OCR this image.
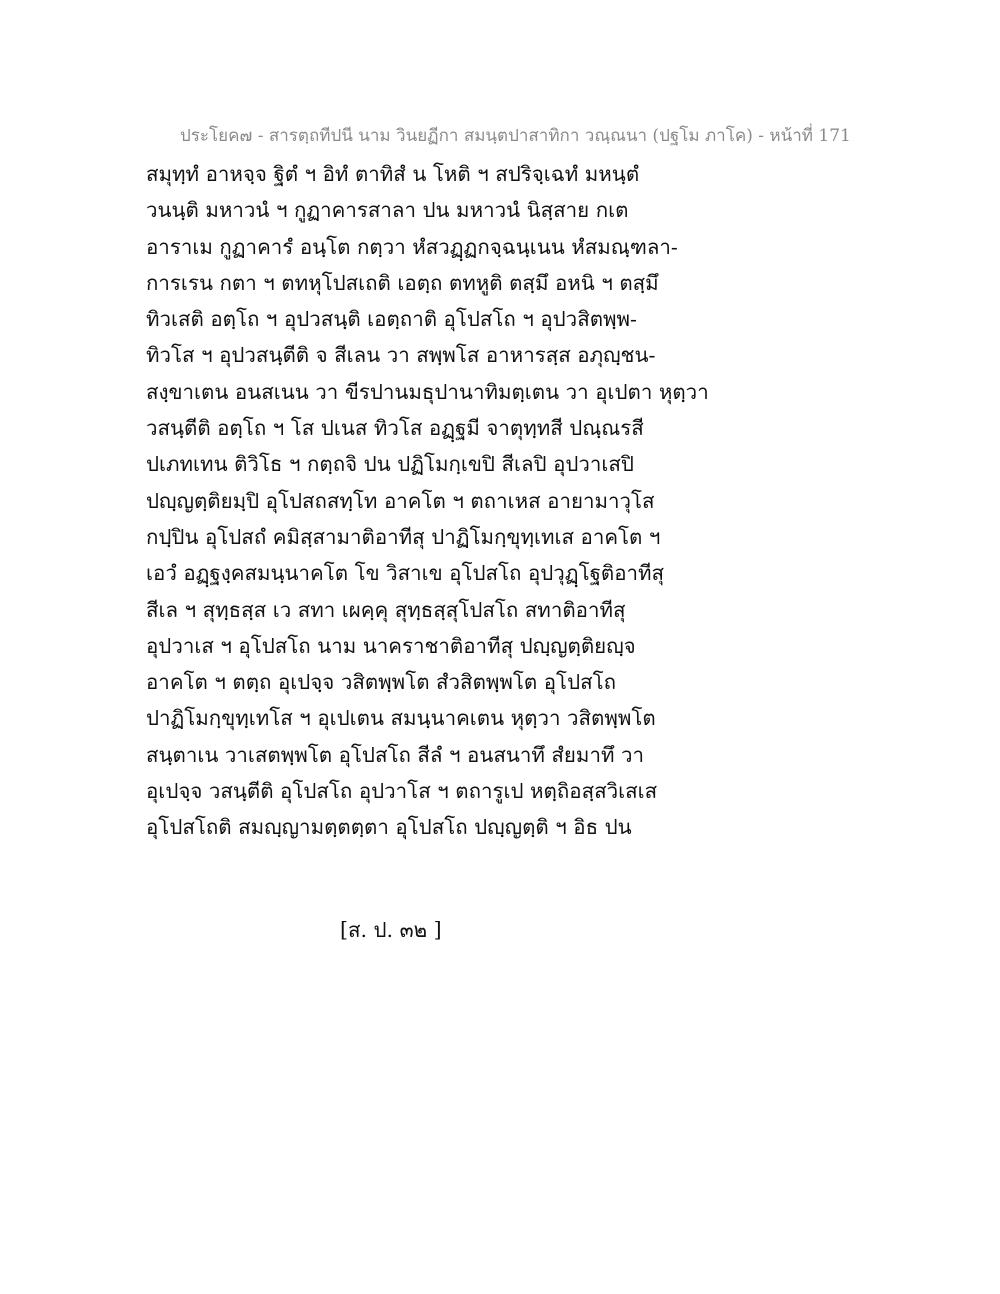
ประโยค๗ - สารตฺถทีปนี นาม วินยฏีกา สมนฺตปาสาทิกา วณฺณนา (ปฐโม ภาโค) - หน้าที่ 171
สมุทฺทํ อาหจฺจ ฐิตํ ฯ อิทํ ตาทิสํ น โหติ ฯ สปริจฺเฉทํ มหนฺตํ
วนนฺติ มหาวนํ ฯ กูฏาคารสาลา ปน มหาวนํ นิสฺสาย กเต
อาราเม กูฏาคารํ อนฺโต กตฺวา หํสวฏฺฏกจฺฉนฺเนน หํสมณฺฑลา-
การเรน กตา ฯ ตทหุโปสเถติ เอตฺถ ตทหูติ ตสฺมึ อหนิ ฯ ตสฺมึ
ทิวเสติ อตฺโถ ฯ อุปวสนฺติ เอตฺถาติ อุโปสโถ ฯ อุปวสิตพฺพ-
ทิวโส ฯ อุปวสนฺตีติ จ สีเลน วา สพฺพโส อาหารสฺส อภุญฺชน-
สงฺขาเตน อนสเนน วา ขีรปานมธุปานาทิมตฺเตน วา อุเปตา หุตฺวา
วสนฺตีติ อตฺโถ ฯ โส ปเนส ทิวโส อฏฺฐมี จาตุทฺทสี ปณฺณรสี
ปเภทเทน ติวิโธ ฯ กตฺถจิ ปน ปฏิโมกฺเขปิ สีเลปิ อุปวาเสปิ
ปญฺญตฺติยมฺปิ อุโปสถสทฺโท อาคโต ฯ ตถาเหส อายามาวุโส
กปฺปิน อุโปสถํ คมิสฺสามาติอาทีสุ ปาฏิโมกฺขุทฺเทเส อาคโต ฯ
เอวํ อฏฺฐงฺคสมนฺนาคโต โข วิสาเข อุโปสโถ อุปวุฏฺโฐติอาทีสุ
สีเล ฯ สุทฺธสฺส เว สทา เผคฺคุ สุทฺธสฺสุโปสโถ สทาติอาทีสุ
อุปวาเส ฯ อุโปสโถ นาม นาคราชาติอาทีสุ ปญฺญตฺติยญฺจ
อาคโต ฯ ตตฺถ อุเปจฺจ วสิตพฺพโต สํวสิตพฺพโต อุโปสโถ
ปาฏิโมกฺขุทฺเทโส ฯ อุเปเตน สมนฺนาคเตน หุตฺวา วสิตพฺพโต
สนฺตาเน วาเสตพฺพโต อุโปสโถ สีลํ ฯ อนสนาทึ สํยมาทึ วา
อุเปจฺจ วสนฺตีติ อุโปสโถ อุปวาโส ฯ ตถารูเป หตฺถิอสฺสวิเสเส
อุโปสโถติ สมญฺญามตฺตตฺตา อุโปสโถ ปญฺญตฺติ ฯ อิธ ปน
[ส. ป. ๓๒ ]
